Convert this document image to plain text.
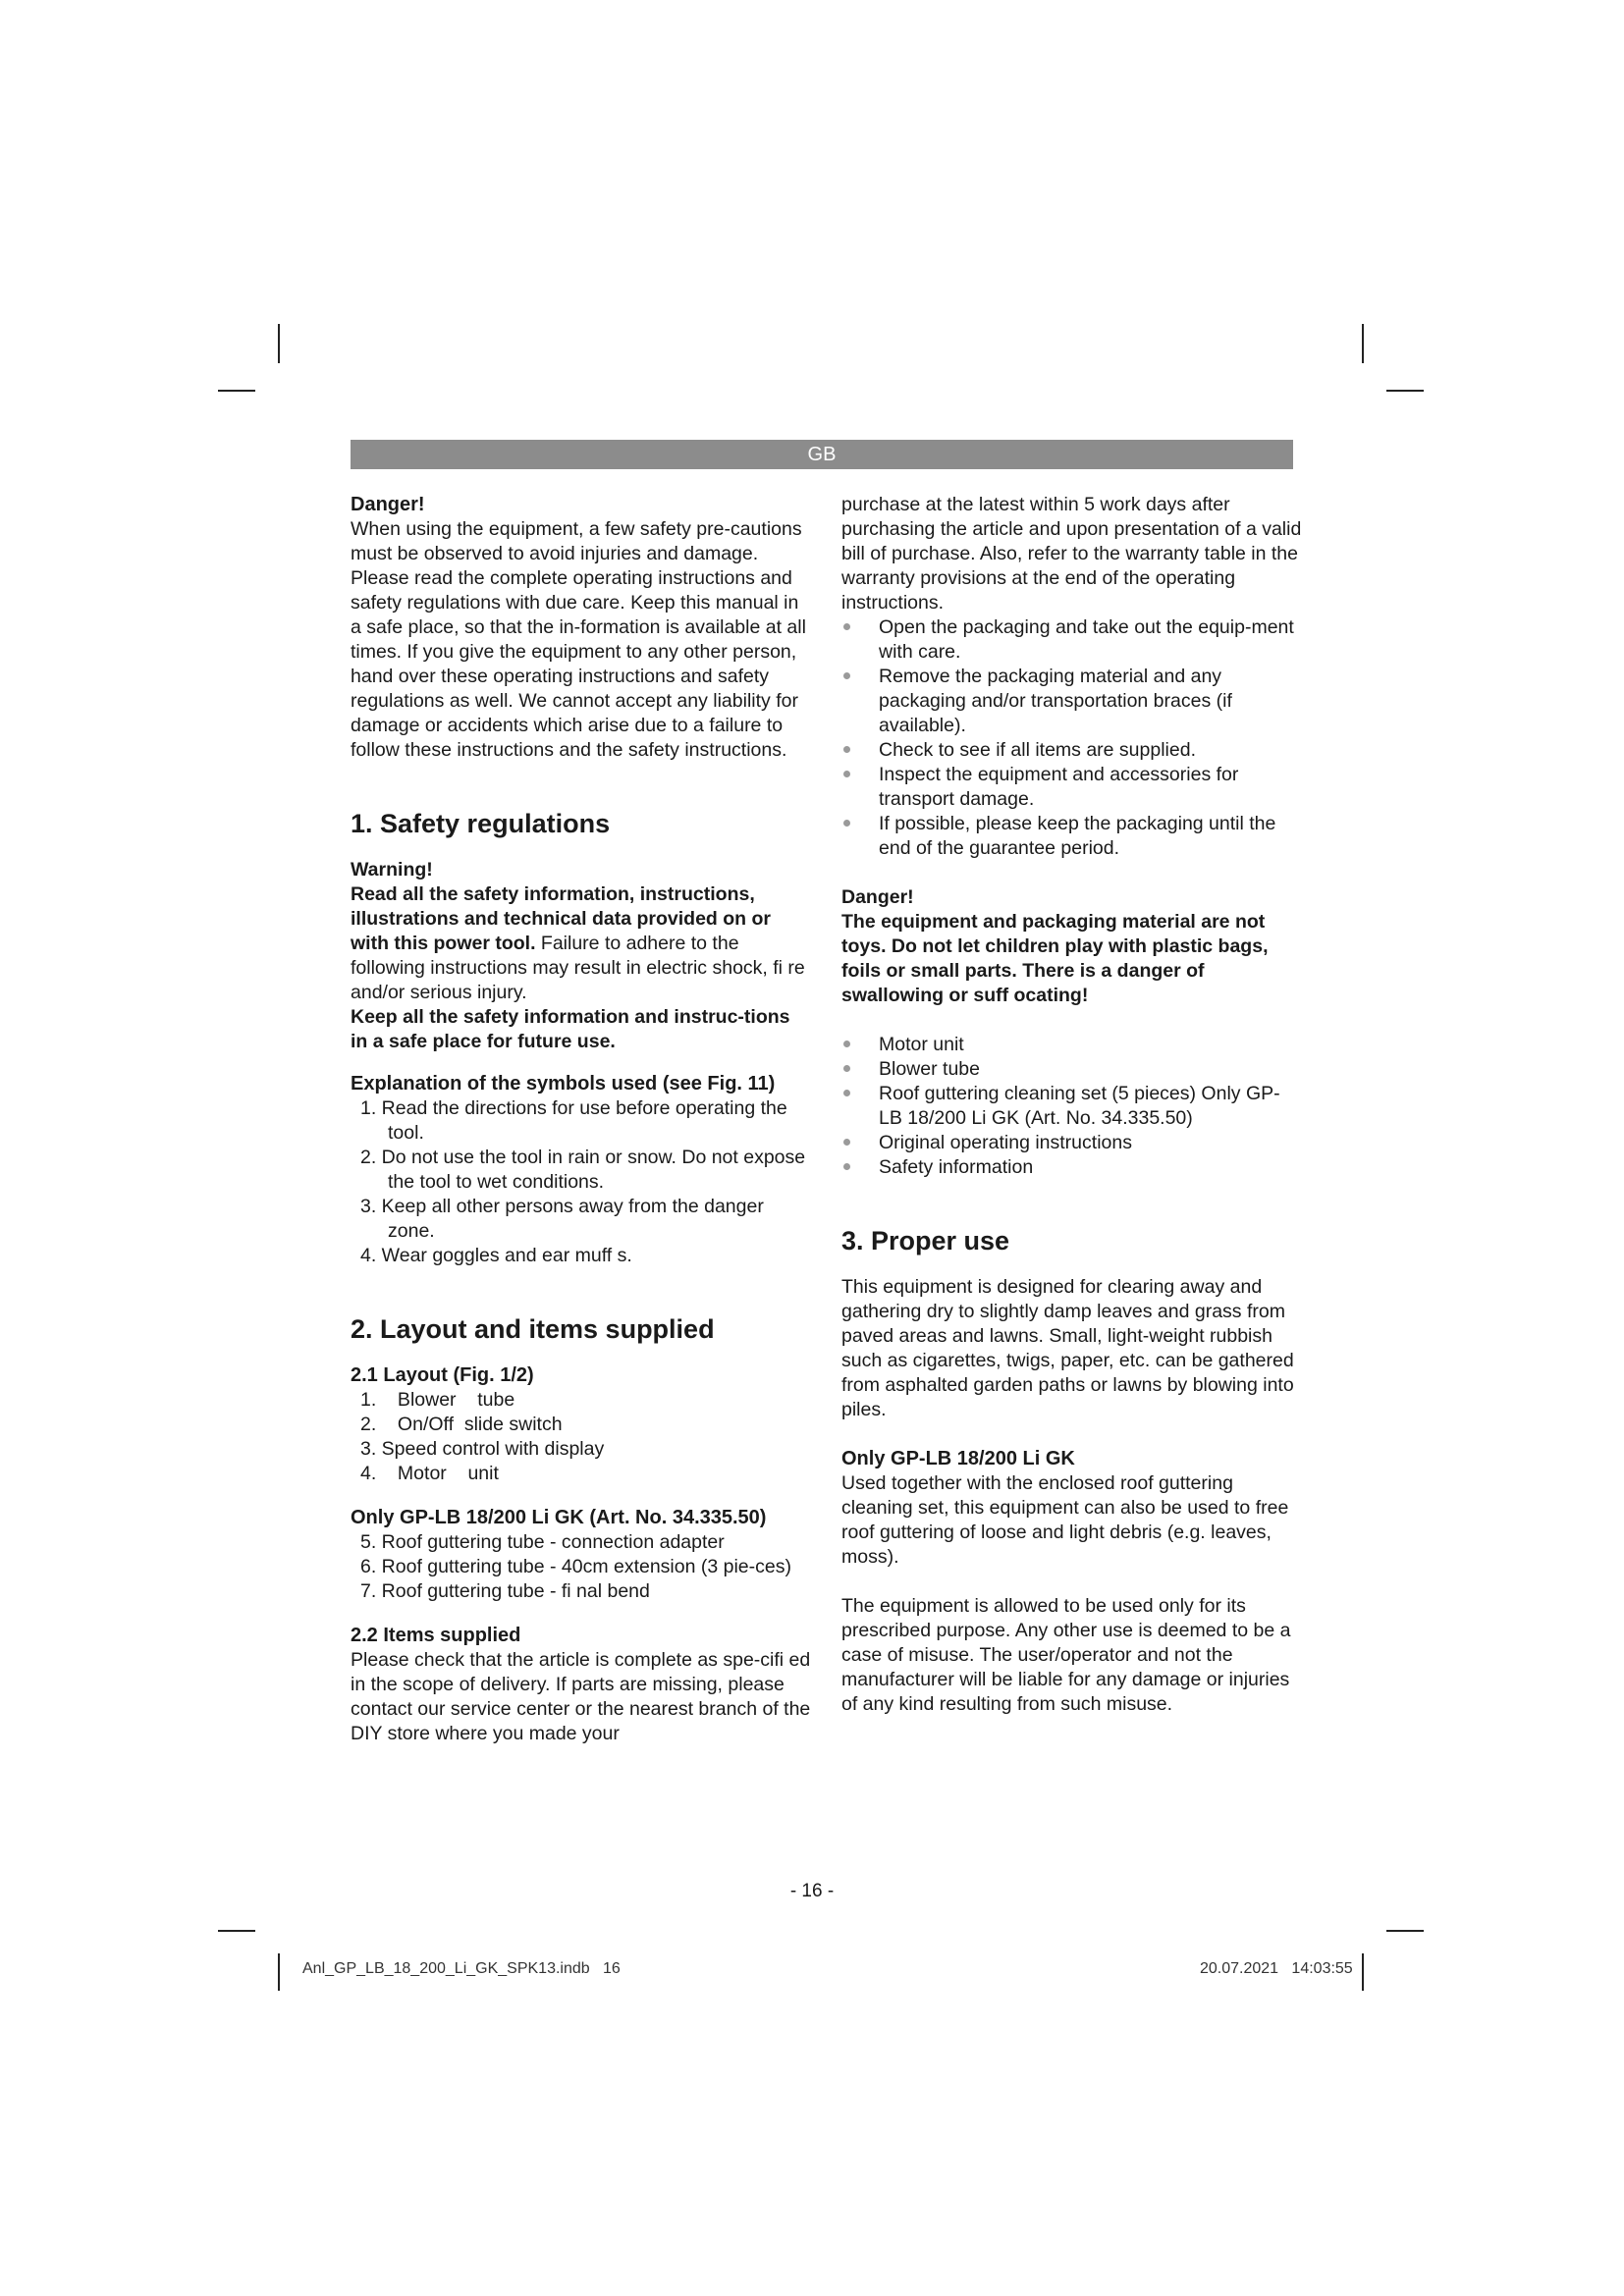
GB

Danger!

When using the equipment, a few safety pre-cautions must be observed to avoid injuries and damage. Please read the complete operating instructions and safety regulations with due care. Keep this manual in a safe place, so that the in-formation is available at all times. If you give the equipment to any other person, hand over these operating instructions and safety regulations as well. We cannot accept any liability for damage or accidents which arise due to a failure to follow these instructions and the safety instructions.

1. Safety regulations

Warning!

Read all the safety information, instructions, illustrations and technical data provided on or with this power tool. Failure to adhere to the following instructions may result in electric shock, fi re and/or serious injury.

Keep all the safety information and instruc-tions in a safe place for future use.

Explanation of the symbols used (see Fig. 11)

1. Read the directions for use before operating the tool.
2. Do not use the tool in rain or snow. Do not expose the tool to wet conditions.
3. Keep all other persons away from the danger zone.
4. Wear goggles and ear muff s.

2. Layout and items supplied

2.1 Layout (Fig. 1/2)

1.    Blower    tube
2.    On/Off  slide switch
3. Speed control with display
4.    Motor    unit

Only GP-LB 18/200 Li GK (Art. No. 34.335.50)

5. Roof guttering tube - connection adapter
6. Roof guttering tube - 40cm extension (3 pie-ces)
7. Roof guttering tube - fi nal bend

2.2 Items supplied

Please check that the article is complete as spe-cifi ed in the scope of delivery. If parts are missing, please contact our service center or the nearest branch of the DIY store where you made your

purchase at the latest within 5 work days after purchasing the article and upon presentation of a valid bill of purchase. Also, refer to the warranty table in the warranty provisions at the end of the operating instructions.

Open the packaging and take out the equip-ment with care.
Remove the packaging material and any packaging and/or transportation braces (if available).
Check to see if all items are supplied.
Inspect the equipment and accessories for transport damage.
If possible, please keep the packaging until the end of the guarantee period.

Danger!

The equipment and packaging material are not toys. Do not let children play with plastic bags, foils or small parts. There is a danger of swallowing or suff ocating!

Motor unit
Blower tube
Roof guttering cleaning set (5 pieces) Only GP-LB 18/200 Li GK (Art. No. 34.335.50)
Original operating instructions
Safety information

3. Proper use

This equipment is designed for clearing away and gathering dry to slightly damp leaves and grass from paved areas and lawns. Small, light-weight rubbish such as cigarettes, twigs, paper, etc. can be gathered from asphalted garden paths or lawns by blowing into piles.

Only GP-LB 18/200 Li GK

Used together with the enclosed roof guttering cleaning set, this equipment can also be used to free roof guttering of loose and light debris (e.g. leaves, moss).

The equipment is allowed to be used only for its prescribed purpose. Any other use is deemed to be a case of misuse. The user/operator and not the manufacturer will be liable for any damage or injuries of any kind resulting from such misuse.

- 16 -
Anl_GP_LB_18_200_Li_GK_SPK13.indb   16	20.07.2021 14:03:55
